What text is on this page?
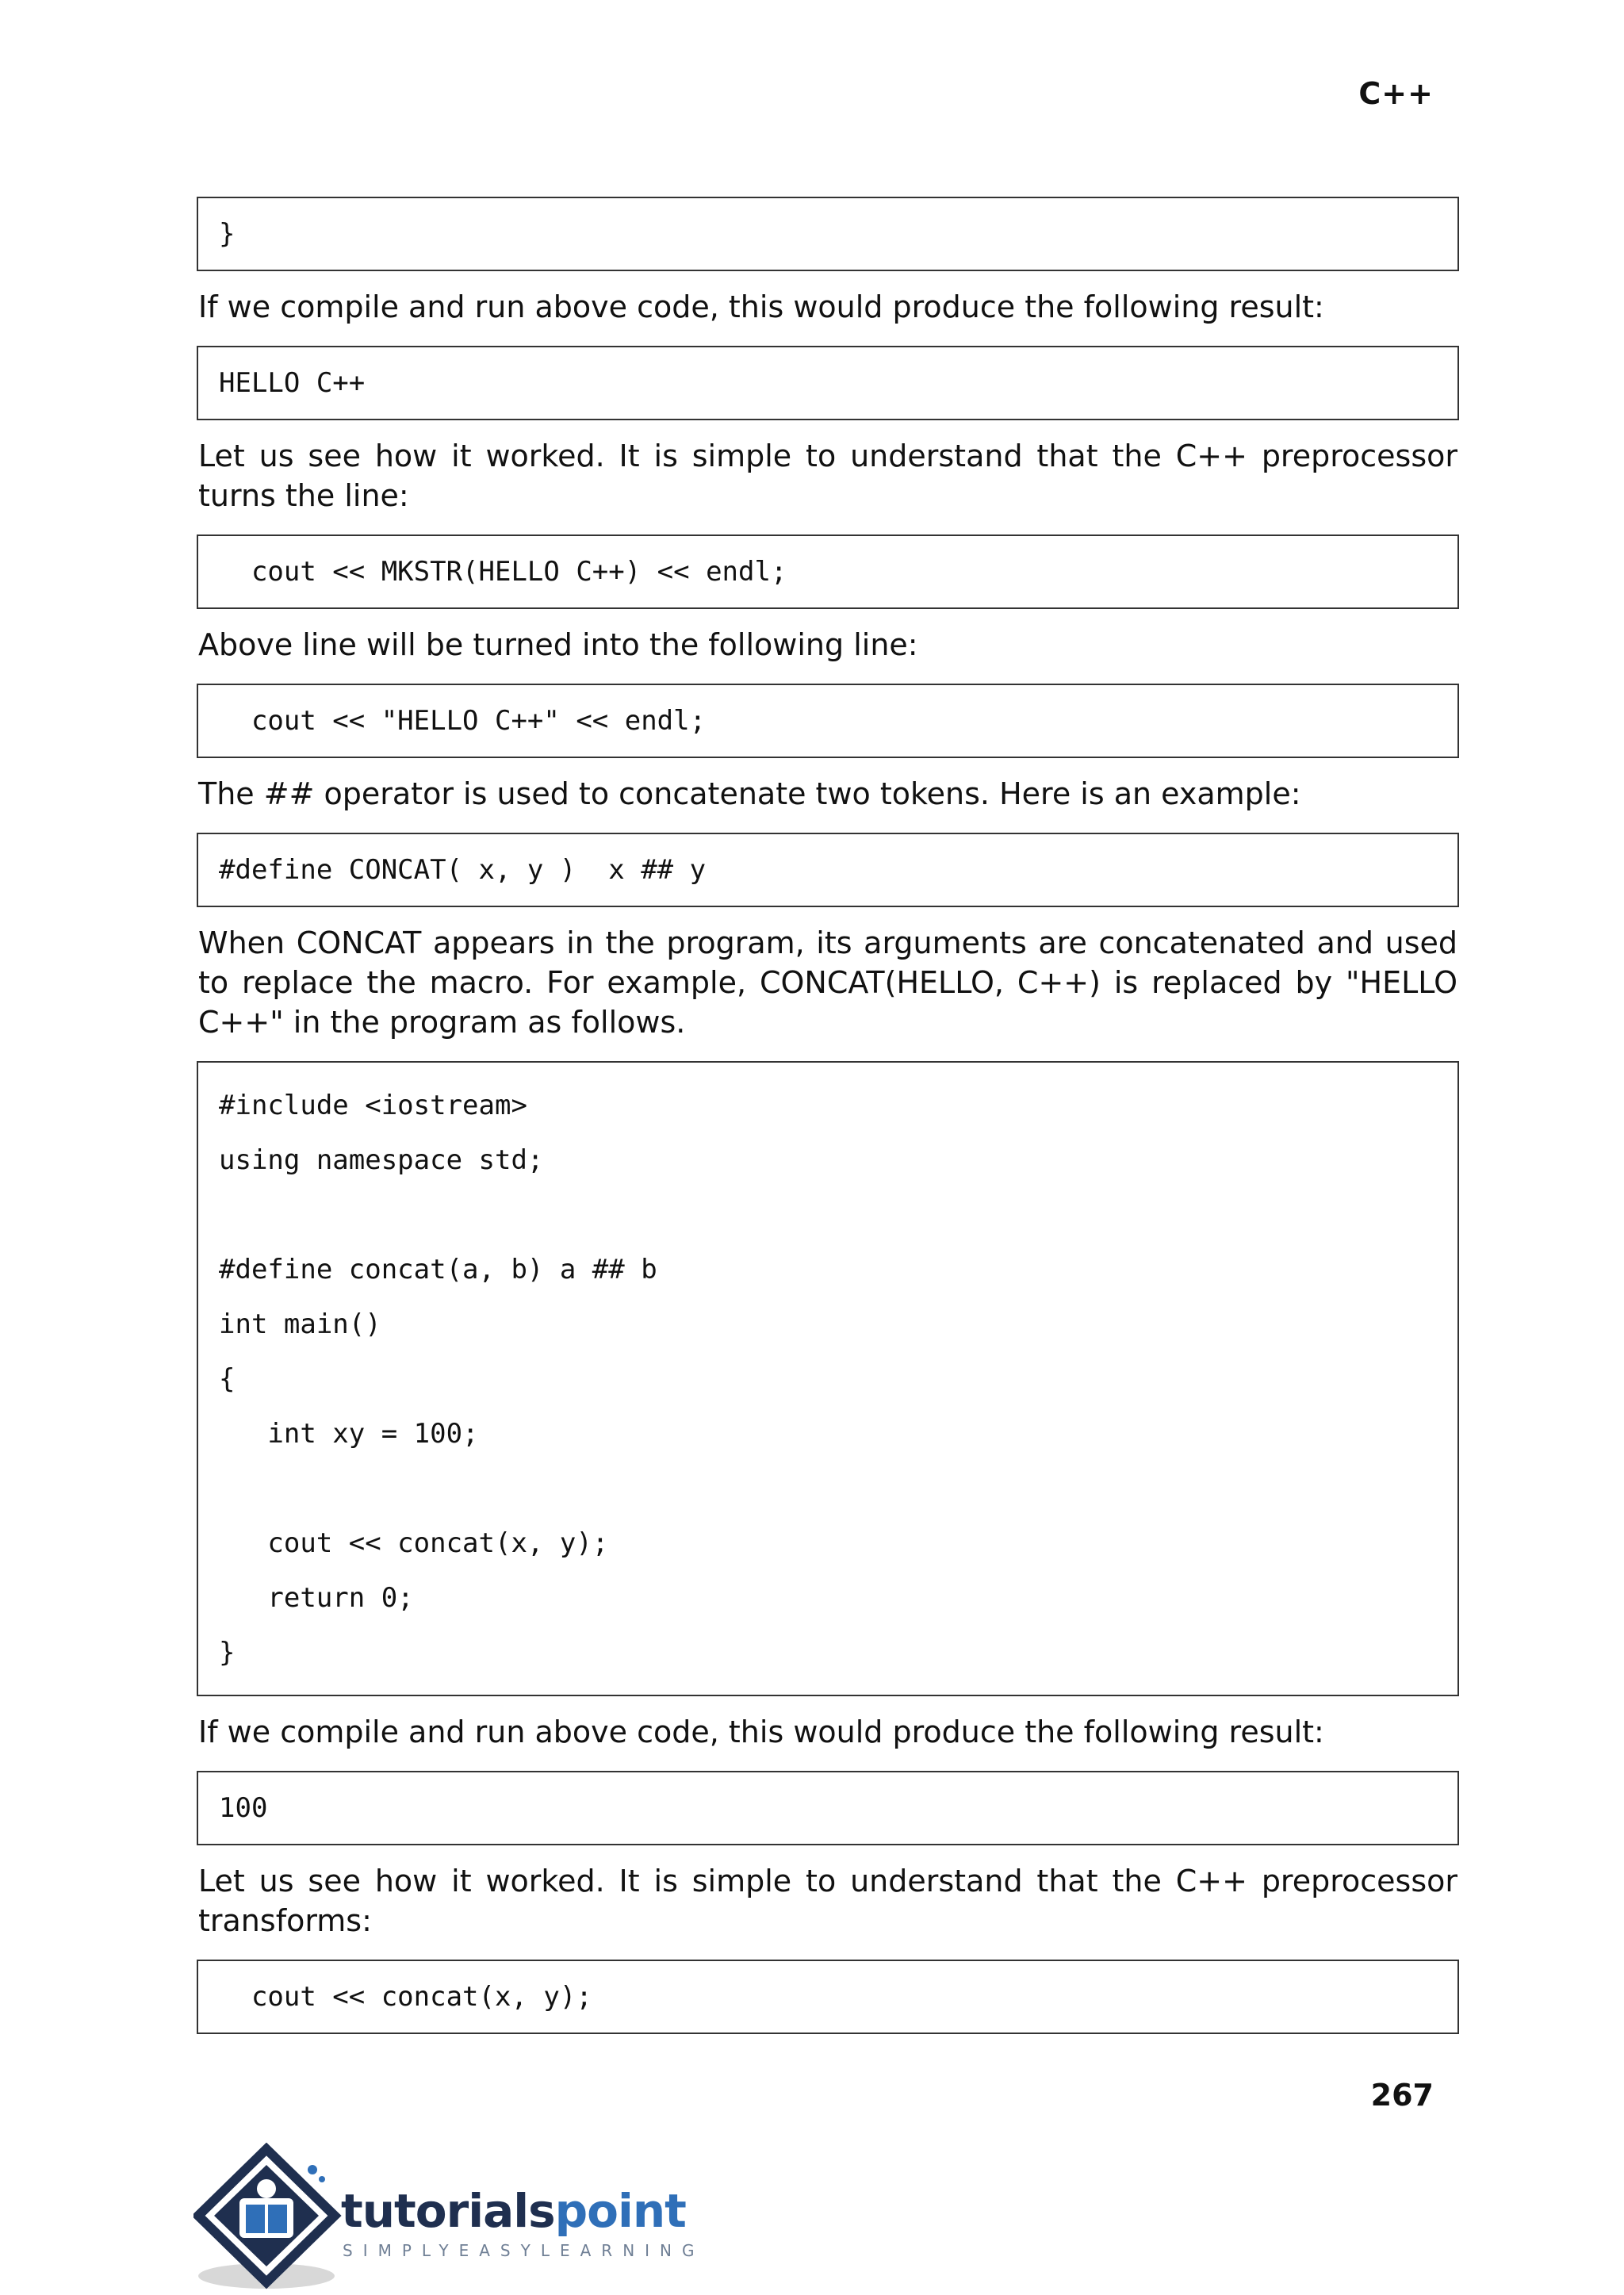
C++
}

If we compile and run above code, this would produce the following result:

HELLO C++

Let us see how it worked. It is simple to understand that the C++ preprocessor turns the line:

cout << MKSTR(HELLO C++) << endl;

Above line will be turned into the following line:

cout << "HELLO C++" << endl;

The ## operator is used to concatenate two tokens. Here is an example:

#define CONCAT( x, y )  x ## y

When CONCAT appears in the program, its arguments are concatenated and used to replace the macro. For example, CONCAT(HELLO, C++) is replaced by "HELLO C++" in the program as follows.

#include <iostream>
using namespace std;
#define concat(a, b) a ## b
int main()
{
int xy = 100;
cout << concat(x, y);
return 0;
}

If we compile and run above code, this would produce the following result:

100

Let us see how it worked. It is simple to understand that the C++ preprocessor transforms:

cout << concat(x, y);
267
tutorialspoint
SIMPLYEASYLEARNING
